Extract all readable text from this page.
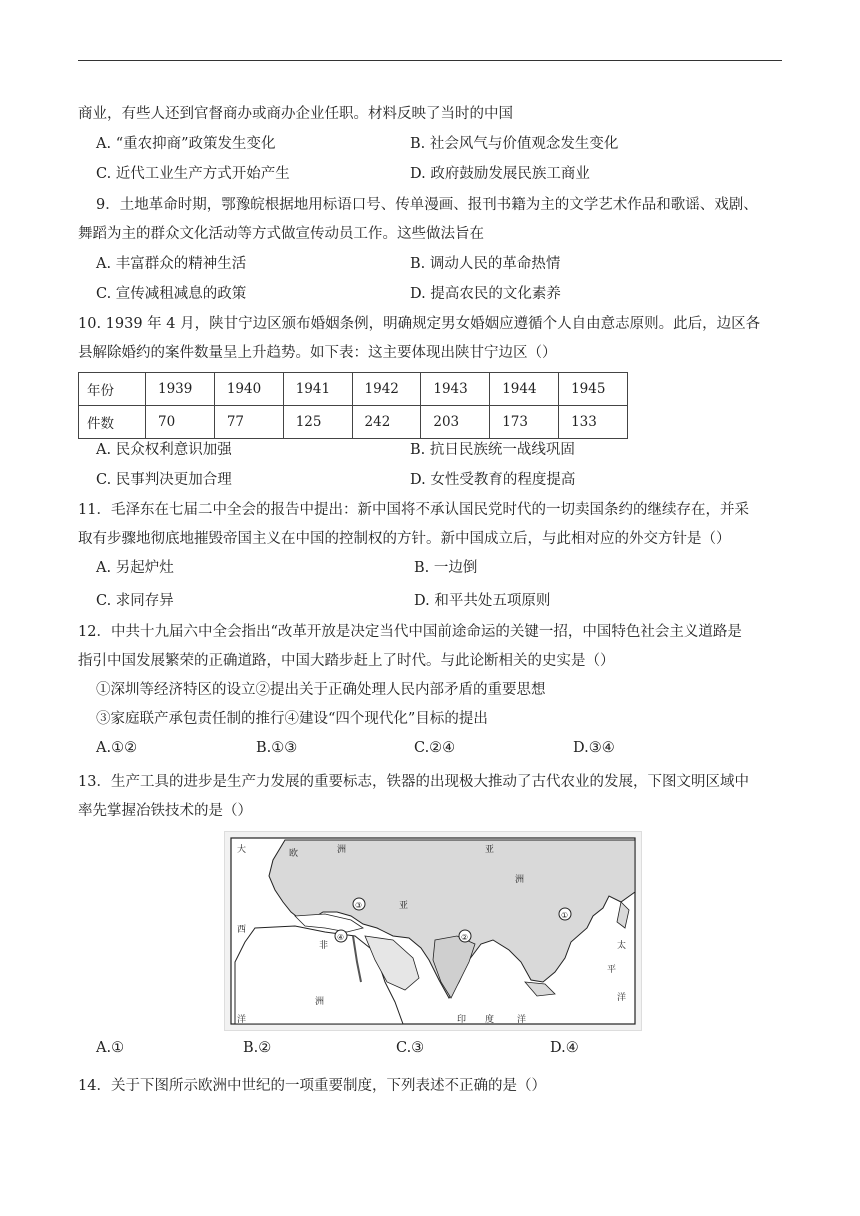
商业，有些人还到官督商办或商办企业任职。材料反映了当时的中国
A. “重农抑商”政策发生变化	B. 社会风气与价值观念发生变化
C. 近代工业生产方式开始产生	D. 政府鼓励发展民族工商业
9．土地革命时期，鄂豫皖根据地用标语口号、传单漫画、报刊书籍为主的文学艺术作品和歌谣、戏剧、
舞蹈为主的群众文化活动等方式做宣传动员工作。这些做法旨在
A. 丰富群众的精神生活	B. 调动人民的革命热情
C. 宣传减租减息的政策	D. 提高农民的文化素养
10. 1939 年 4 月，陕甘宁边区颁布婚姻条例，明确规定男女婚姻应遵循个人自由意志原则。此后，边区各
县解除婚约的案件数量呈上升趋势。如下表：这主要体现出陕甘宁边区（）
年份	1939	1940	1941	1942	1943	1944	1945
件数	70	77	125	242	203	173	133
A. 民众权利意识加强	B. 抗日民族统一战线巩固
C. 民事判决更加合理	D. 女性受教育的程度提高
11．毛泽东在七届二中全会的报告中提出：新中国将不承认国民党时代的一切卖国条约的继续存在，并采
取有步骤地彻底地摧毁帝国主义在中国的控制权的方针。新中国成立后，与此相对应的外交方针是（）
A. 另起炉灶	B. 一边倒
C. 求同存异	D. 和平共处五项原则
12．中共十九届六中全会指出“改革开放是决定当代中国前途命运的关键一招，中国特色社会主义道路是
指引中国发展繁荣的正确道路，中国大踏步赶上了时代。与此论断相关的史实是（）
①深圳等经济特区的设立②提出关于正确处理人民内部矛盾的重要思想
③家庭联产承包责任制的推行④建设“四个现代化”目标的提出
A.①②	B.①③	C.②④	D.③④
13．生产工具的进步是生产力发展的重要标志，铁器的出现极大推动了古代农业的发展，下图文明区域中
率先掌握冶铁技术的是（）
大	欧	洲
西
亚
洲
亚
非
洲
太
平
洋
洋	印 度	洋
①
②
③
④
A.①	B.②	C.③	D.④
14．关于下图所示欧洲中世纪的一项重要制度，下列表述不正确的是（）
